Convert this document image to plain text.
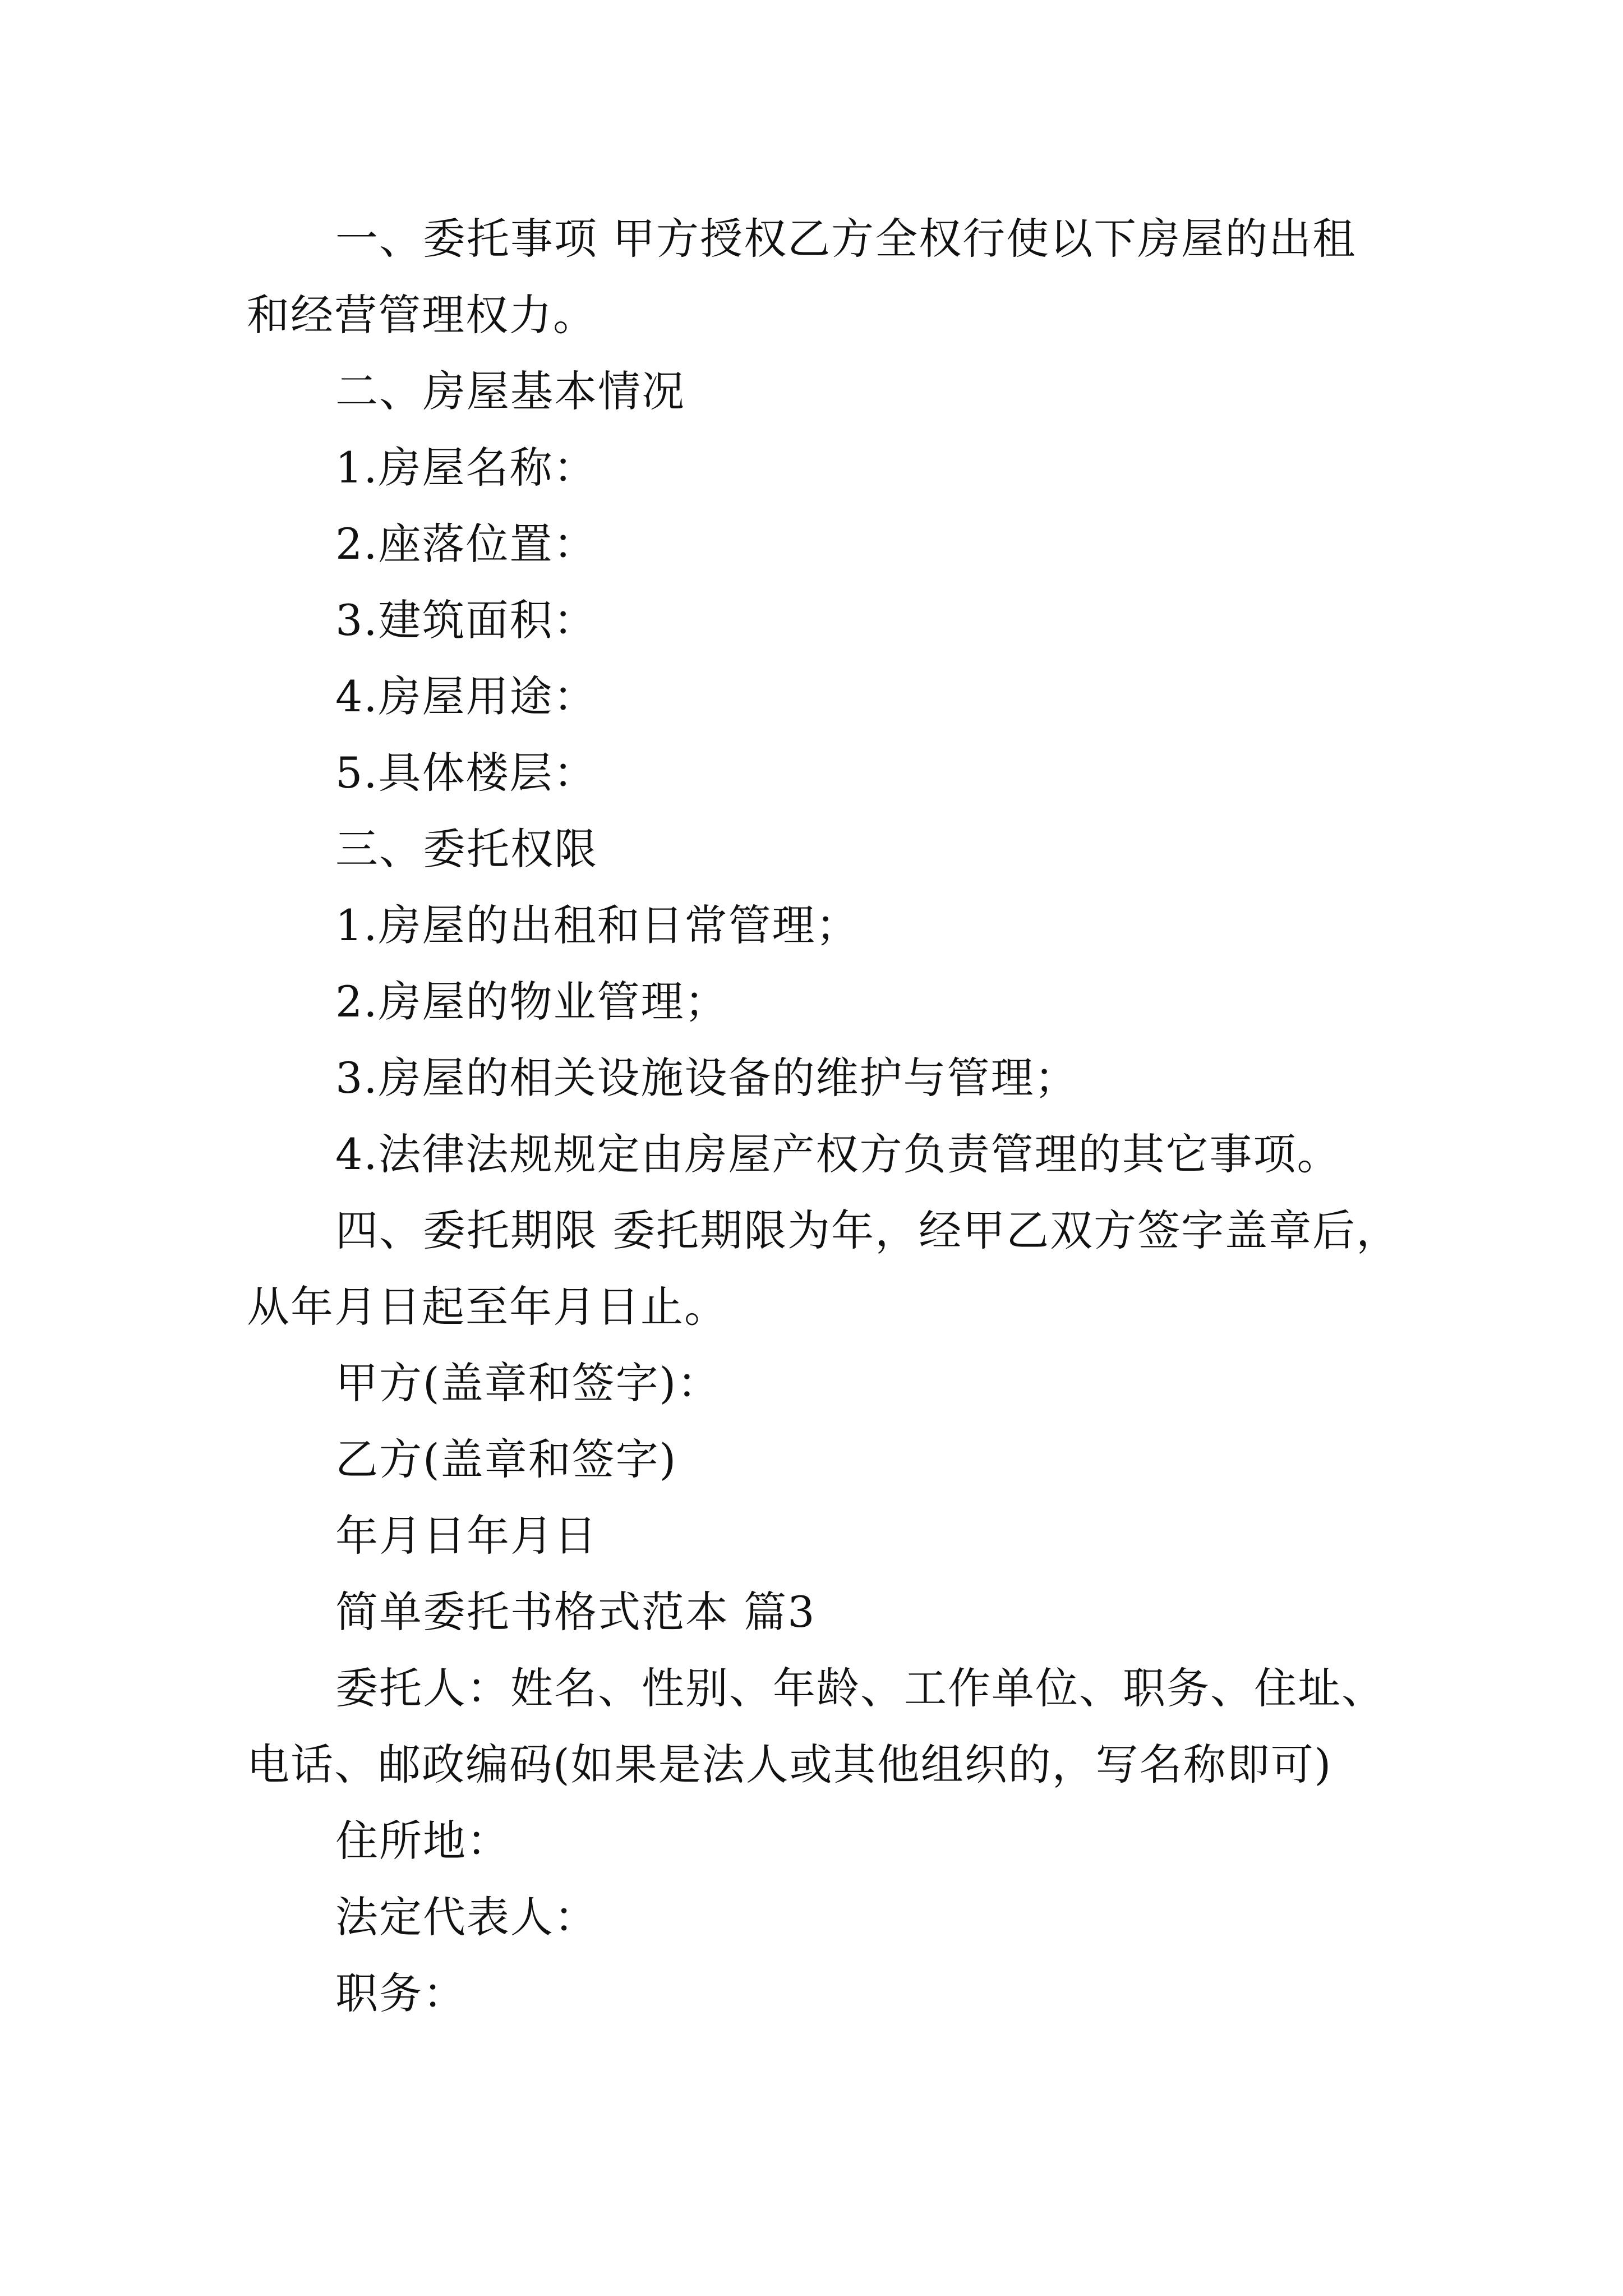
一、委托事项 甲方授权乙方全权行使以下房屋的出租
和经营管理权力。
二、房屋基本情况
1.房屋名称：
2.座落位置：
3.建筑面积：
4.房屋用途：
5.具体楼层：
三、委托权限
1.房屋的出租和日常管理；
2.房屋的物业管理；
3.房屋的相关设施设备的维护与管理；
4.法律法规规定由房屋产权方负责管理的其它事项。
四、委托期限 委托期限为年，经甲乙双方签字盖章后，
从年月日起至年月日止。
甲方(盖章和签字)：
乙方(盖章和签字)
年月日年月日
简单委托书格式范本 篇3
委托人：姓名、性别、年龄、工作单位、职务、住址、
电话、邮政编码(如果是法人或其他组织的，写名称即可)
住所地：
法定代表人：
职务：
